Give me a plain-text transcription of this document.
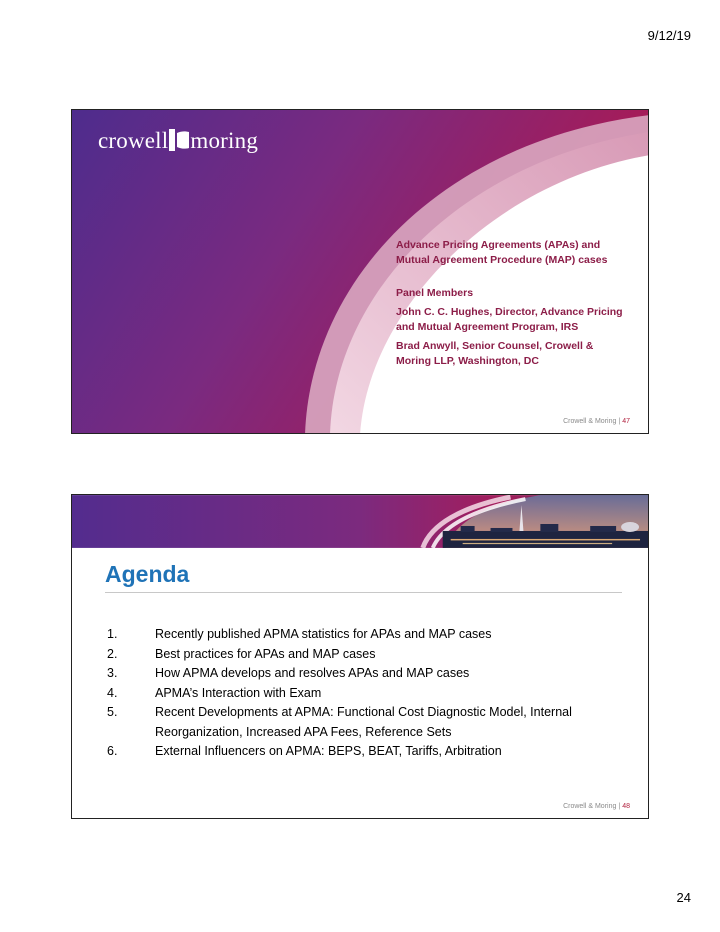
9/12/19
crowell moring

Advance Pricing Agreements (APAs) and

Mutual Agreement Procedure (MAP) cases

Panel Members

John C. C. Hughes, Director, Advance Pricing

and Mutual Agreement Program, IRS

Brad Anwyll, Senior Counsel, Crowell &

Moring LLP, Washington, DC

Crowell & Moring | 47
Agenda
1.	Recently published APMA statistics for APAs and MAP cases
2.	Best practices for APAs and MAP cases
3.	How APMA develops and resolves APAs and MAP cases
4.	APMA’s Interaction with Exam
5.	Recent Developments at APMA: Functional Cost Diagnostic Model, Internal Reorganization, Increased APA Fees, Reference Sets
6.	External Influencers on APMA: BEPS, BEAT, Tariffs, Arbitration
Crowell & Moring | 48
24
